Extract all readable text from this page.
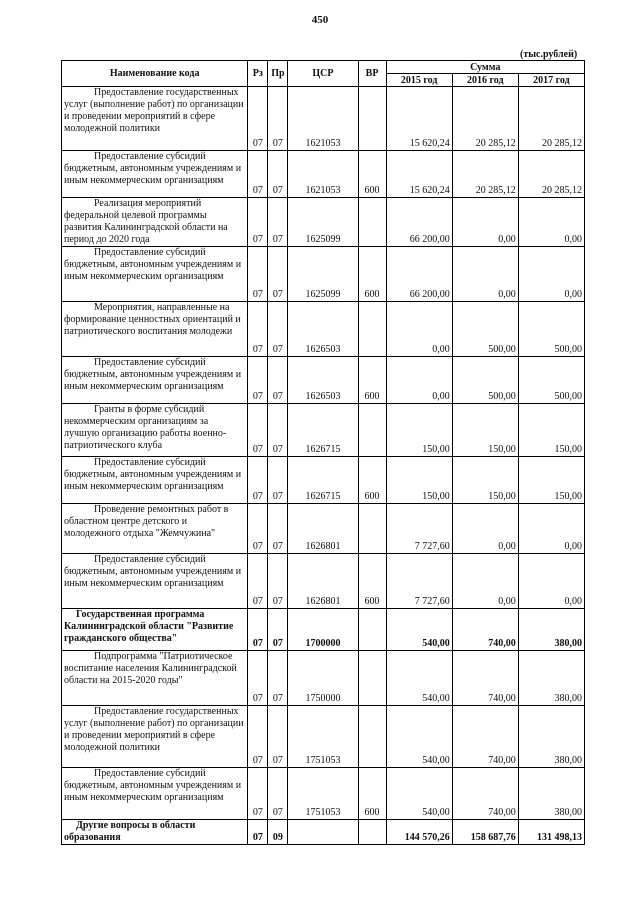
450
(тыс.рублей)
Наименование кода	Рз	Пр	ЦСР	ВР	Сумма		
					2015 год	2016 год	2017 год
Предоставление государственных услуг (выполнение работ) по организации и проведении мероприятий в сфере молодежной политики	07	07	1621053		15 620,24	20 285,12	20 285,12
Предоставление субсидий бюджетным, автономным учреждениям и иным некоммерческим организациям	07	07	1621053	600	15 620,24	20 285,12	20 285,12
Реализация мероприятий федеральной целевой программы развития Калининградской области на период до 2020 года	07	07	1625099		66 200,00	0,00	0,00
Предоставление субсидий бюджетным, автономным учреждениям и иным некоммерческим организациям	07	07	1625099	600	66 200,00	0,00	0,00
Мероприятия, направленные на формирование ценностных ориентаций и патриотического воспитания молодежи	07	07	1626503		0,00	500,00	500,00
Предоставление субсидий бюджетным, автономным учреждениям и иным некоммерческим организациям	07	07	1626503	600	0,00	500,00	500,00
Гранты в форме субсидий некоммерческим организациям за лучшую организацию работы военно-патриотического клуба	07	07	1626715		150,00	150,00	150,00
Предоставление субсидий бюджетным, автономным учреждениям и иным некоммерческим организациям	07	07	1626715	600	150,00	150,00	150,00
Проведение ремонтных работ в областном центре детского и молодежного отдыха "Жемчужина"	07	07	1626801		7 727,60	0,00	0,00
Предоставление субсидий бюджетным, автономным учреждениям и иным некоммерческим организациям	07	07	1626801	600	7 727,60	0,00	0,00
Государственная программа Калининградской области "Развитие гражданского общества"	07	07	1700000		540,00	740,00	380,00
Подпрограмма "Патриотическое воспитание населения Калининградской области на 2015-2020 годы"	07	07	1750000		540,00	740,00	380,00
Предоставление государственных услуг (выполнение работ) по организации и проведении мероприятий в сфере молодежной политики	07	07	1751053		540,00	740,00	380,00
Предоставление субсидий бюджетным, автономным учреждениям и иным некоммерческим организациям	07	07	1751053	600	540,00	740,00	380,00
Другие вопросы в области образования	07	09			144 570,26	158 687,76	131 498,13
